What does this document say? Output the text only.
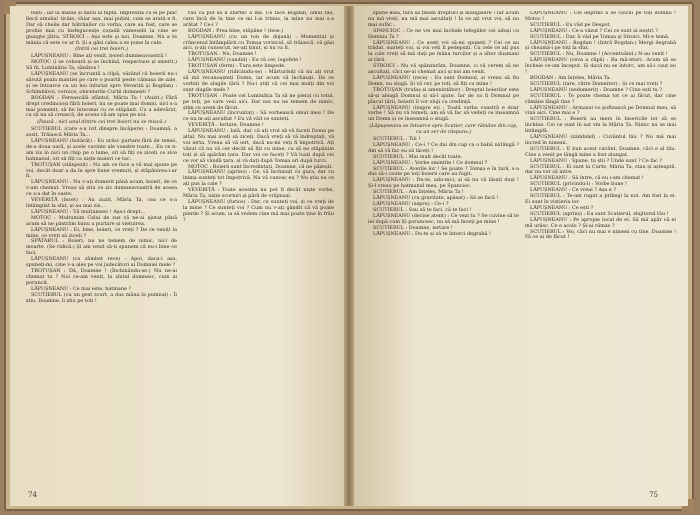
tești ; iar la mânie și dârzi la faptă. Împreună cu ei pe plac fiecă umulia! ticăie, chiar așa, mai puțini, cum se arată e fi. Dar să cheile dar bătrânilor cu vorba, care au fost, care se profiie mai cu însfeguceațe coșadă vameselii la cine se giungte jătra. STROICI : Așa este și noi, Doamne. Nu a te mânia că este ce ar fi. Și a găsi calea a se pune în cale.

(Intră cei trei boieri.)

LĂPUȘNEANU : Bine ați venit, boieri dumneavoastră !

MOTOC (i se coboară și se închină, respectuos și smerit.) Să fii, Luminăția Ta, sănătos !

LĂPUȘNEANU (se încruntă a clipă, văzând că boierii nu-i sărută poala mantiei pe care o poartă peste cămașa de zale, și se întoarce ca un leu înfuriat spre Veveriță și Bogdan) : Schimbăvoi, vornice, obiceiurile Curții domnești ?

BOGDAN : Fereascălă sfântul, Măria Ta ! (Auzit.) Fără drept credincioși fără boieri, nu se poate mai domni, nici s-a mai pomenit, să fie întocmai cu ce stăpânit. Cu a adevărat, ca să nu să crească, de aceea vă-am spus pe noi.

(Pauză : nici unul dintre cei trei boieri nu se mișcă.)

SCUTIERUL (care s-a ivit dinspre încăpere) : Doamnă, a sosit. Trăiască Măria Ta...

LĂPUȘNEANU (hotărât) : Eu urăsc purtare fără de temei, de-a doua oară, și acele cuvinte ale voastre toate... Eu ce n-am zis în nici un chip pe o lume, ori să fiți ce ziceți ce zice hatmanul, ori să fiți ca niște muieri ce tac.

TROTUȘAN (stânjenit) : Nu am ce face a vă mai spune pe voi, decât doar a da în spre bune vremuri, și stăpânirea-i-ar fi.

LĂPUȘNEANU : Nu v-ați dumerit până acum, boieri, de ce v-am chemat. Vreau să știu ce zic dumneavoastră de aceea ce s-a dat în oaste.

VEVERIȚĂ (încet) : Au auzit, Măria Ta, cea ce s-a întâmplat la sfat, și au mai zis...

LĂPUȘNEANU : Vă mulțumesc ! Așa-i drept...

MOTOC : Multumim Celui de sus că ne-ai ajutat până acum să ne păstrăm banu a purtare și viețuirea.

LĂPUȘNEANU : Ei, bine, boieri, ce vreți ? De ce veniți la mine, ce vreți să ziceți ?

SPĂTARUL : Boieri, nu ne temem de nimic, nici de moarte. (Se ridică.) Și am venit să-ți spunem că nu-i bine ce faci.

LĂPUȘNEANU (cu zâmbet rece) : Apoi, daca-i așa, spuneți-mi, cine v-a ales pe voi judecători ai Domniei mele ?

TROTUȘAN : Dă, Doamne ! (Închinându-se.) Nu ne-ai chemat tu ? Noi ce-am venit, la sfatul domnesc, cum ai poruncit.

LĂPUȘNEANU : Ce mai este, hatmane ?

SCUTIERUL (cu un gest scurt, a dus mâna la pumnal) : Îi știu, Doamne, îi știu pe toți !

rău că pot să îl sfârtec a me. Ce face Bogdan, omul tău, care încă de la tine ce mi l-ai trimis, la mine nu mai s-a arătat ? Ce-i ?

BOGDAN : Prea bine, stăpâne ! (Iese.)

LĂPUȘNEANU (cu un ton de dojană) : Momentul și crâncenul întâmplării cu Tomșa vornicul, să trăiască, vă găsi aici, n-ați cunoscut, ne-ați ținut, și nu va fi.

TROTUȘAN : Nu, Doamne !

LĂPUȘNEANU (candid) : Eu vă cer, logofete !

TROTUȘAN (ferm) : Tura este limpede.

LĂPUȘNEANU (ridicându-se) : Mărturisiți că nu ați vrut să mă recunoașteți Domn, iar acum vă închinați. De ce vorbiți de slugile țării ? Nu-i știți că cei mai mulți din voi sunt slugile mele ?

TROTUȘAN : Poate cel Luminăția Ta să ne pierzi cu totul, pe toți, pe care vezi aici. Dar noi nu ne temem de nimic, știm ce avem de făcut.

LĂPUȘNEANU (încruntat) : Să vorbească omul meu ! De ce nu m-ați ascultat ? Eu vă văd ce sunteți.

VEVERIȚĂ : Iertare, Doamne !

LĂPUȘNEANU : Iată, dar, că ați vrut să vă faceți Domn pe altul. Nu mai aveți să ziceți. Dacă vreți să vă îndreptați, vă voi ierta. Vreau să vă iert, dacă nu-mi veți fi împotrivă. Ați văzut că nu vă cer decât să fiți cu mine, ca să ne stăpânim toți și să apărăm țara. Dar voi ce faceți ? Vă luați după cei ce vor să vândă țara, și vă dați după Tomșa ori după turci.

MOTOC : Boierii sunt încredințați, Doamne, că ne păzești.

LĂPUȘNEANU (aprins) : Ce, vă închinați cu gura, dar cu inima sunteți tot împotrivă. Nu vă cunosc eu ? Nu știu eu ce ați pus la cale ?

VEVERIȚĂ : Toate acestea nu pot fi decât niște vorbe, Măria Ta, niște scorniri și pâră de vrăjmași.

LĂPUȘNEANU (furios) : Dar, ce sunteți voi, și ce vreți de la mine ? Ce sunteți voi ? Cum nu v-ați gândit că vă poate pierde ? Și acum, ia să vedem cine mă mai poate ține în frâu ?

74

spune mea, fără să ținem drepturi și mângâiere ! Iar acum nu mă vreți, nu mă mai ascultați ! Ia ce ați vrut voi, să nu mai sufăr...

SPANCIOC : Ce ne vei mai închide lefegiilor cei aduși cu Domnia Ta ?

LĂPUȘNEANU : Ce aveți voi să-mi spuneți ? Cei ce au trădat, sunteți voi, și voi veți fi pedepsiți. Cu cele ce ați pus la cale vreți să mă dați pe mâna turcilor și a altor dușmani ai țării.

STROICI : Nu vă spânzurăm, Doamne, ci vă cerem să ne ascultați, căci ne-ai chemat aici și noi am venit.

LĂPUȘNEANU (rece) : Eu sunt Domnul, și vreau să fiu Domn, nu slugă. Și vă cer, pe toți, să fiți cu mine !

TROTUȘAN (trufaș și amenințător) : Dreptul boierilor este să-și aleagă Domnul și să-l ajute. Iar de va fi Domnul pe placul țării, boierii îl vor sluji cu credință.

LĂPUȘNEANU (înspre ei) : Toată vorba voastră e doar vorbe ! Să nu vă temeți, am să vă fac să vedeți ce înseamnă un Domn și ce înseamnă o slugă.

(Lăpușneanu se întoarce spre Scutier, care rămâne din cap, cu un ser de răspuns.)

SCUTIERUL : Tiii !

LĂPUȘNEANU : Ce-i ? Ce dai din cap ca o babă nătângă ? Am să vă fac eu să tăceți !

SCUTIERUL : Mai mult decât toate.

LĂPUȘNEANU : Vorbe smintite ! Ce domnul ?

SCUTIERUL : Averile lor ! Se poate ? Tomșa e în țară, s-a dus să-i caute pe toți boierii care au fugit.

LĂPUȘNEANU : Du-te, adu-mi-i, și să nu vă lăsați duși ! Și-l vreau pe hatmanul meu, pe Spancioc.

SCUTIERUL : Am înțeles, Măria Ta !

LĂPUȘNEANU (cu gravitate, apăsat) : Să se facă !

LĂPUȘNEANU (aspru) : Ce-i ?

SCUTIERUL : Sau să te faci, că te faci !

LĂPUȘNEANU (decise atent) : Ce vezi tu ? Se cuvine să te iei după cum îți poruncesc, nu să mă înveți pe mine !

SCUTIERUL : Doamne, iertare !

LĂPUȘNEANU : Du-te și să te întorci degrabă !

LĂPUȘNEANU : Cel deprins a se ciocni pe toți domnii ! Motoc !

SCUTIERUL : Eu văd pe Despot.

LĂPUȘNEANU : Ce-a văzut ? Cei ce sunt ai noștri ?

SCUTIERUL : Dar, îi văd pe Tomșa și Stroici. Mi-e temă.

LĂPUȘNEANU : Bogdan ! (Intră Bogdan.) Mergi degrabă și cheamă-i pe toți la sfat.

SCUTIERUL : Nu, Doamne ! (Accentuând.) N-au venit !

LĂPUȘNEANU (ceva a clipă) : Ba mă-ntorc. Acum să se încheie ce-am început. Și dacă nu se întorc, am să-i caut eu !

BOGDAN : Am înțeles, Măria Ta.

SCUTIERUL (tare, către Domnitor) : Și ce mai vreți ?

LĂPUȘNEANU (nedumerit) : Doamne ? Cine ești tu ?

SCUTIERUL : Te poate chema tot ce ai făcut, dar cine rămâne lângă tine ?

LĂPUȘNEANU : Armașul vo poftească pe Domnul meu, să vină aici. Cine mai e ?

SCUTIERUL : Boierii au mers în bisericile lor să se închine. Cei ce sunt în sat vin la Măria Ta. Nimic nu se mai întâmplă.

LĂPUȘNEANU (zâmbind) : Cuvântul tău ? Nu mă mai încred în nimeni.

SCUTIERUL : E bun acest cuvânt, Doamne, căci e al tău. Cine a venit pe lângă mine a fost alungat.

LĂPUȘNEANU : Spune, tu știi ? Unde sunt ? Ce fac ?

SCUTIERUL : Ei sunt la Curte, Măria Ta, stau și așteaptă, dar nu vor să intre.

LĂPUȘNEANU : Să intre, că eu i-am chemat !

SCUTIERUL (privindu-l) : Vorbe bune !

LĂPUȘNEANU : Ce vreai ? Așa e ?

SCUTIERUL : Te-am rugat a pribegi la noi. Am fost la ei. Ei sunt în vistieria lor.

LĂPUȘNEANU : Ce ești ?

SCUTIERUL (aprins) : Eu sunt Scutierul, slujitorul tău !

LĂPUȘNEANU : Pe apropie locul de ei. Să mă apăr că ei mă urăsc. Ce e acolo ? Și-ai rămas ?

SCUTIERUL : Voi, căci nu mai e nimeni cu tine, Doamne ! Fă ce ai de făcut !

75
